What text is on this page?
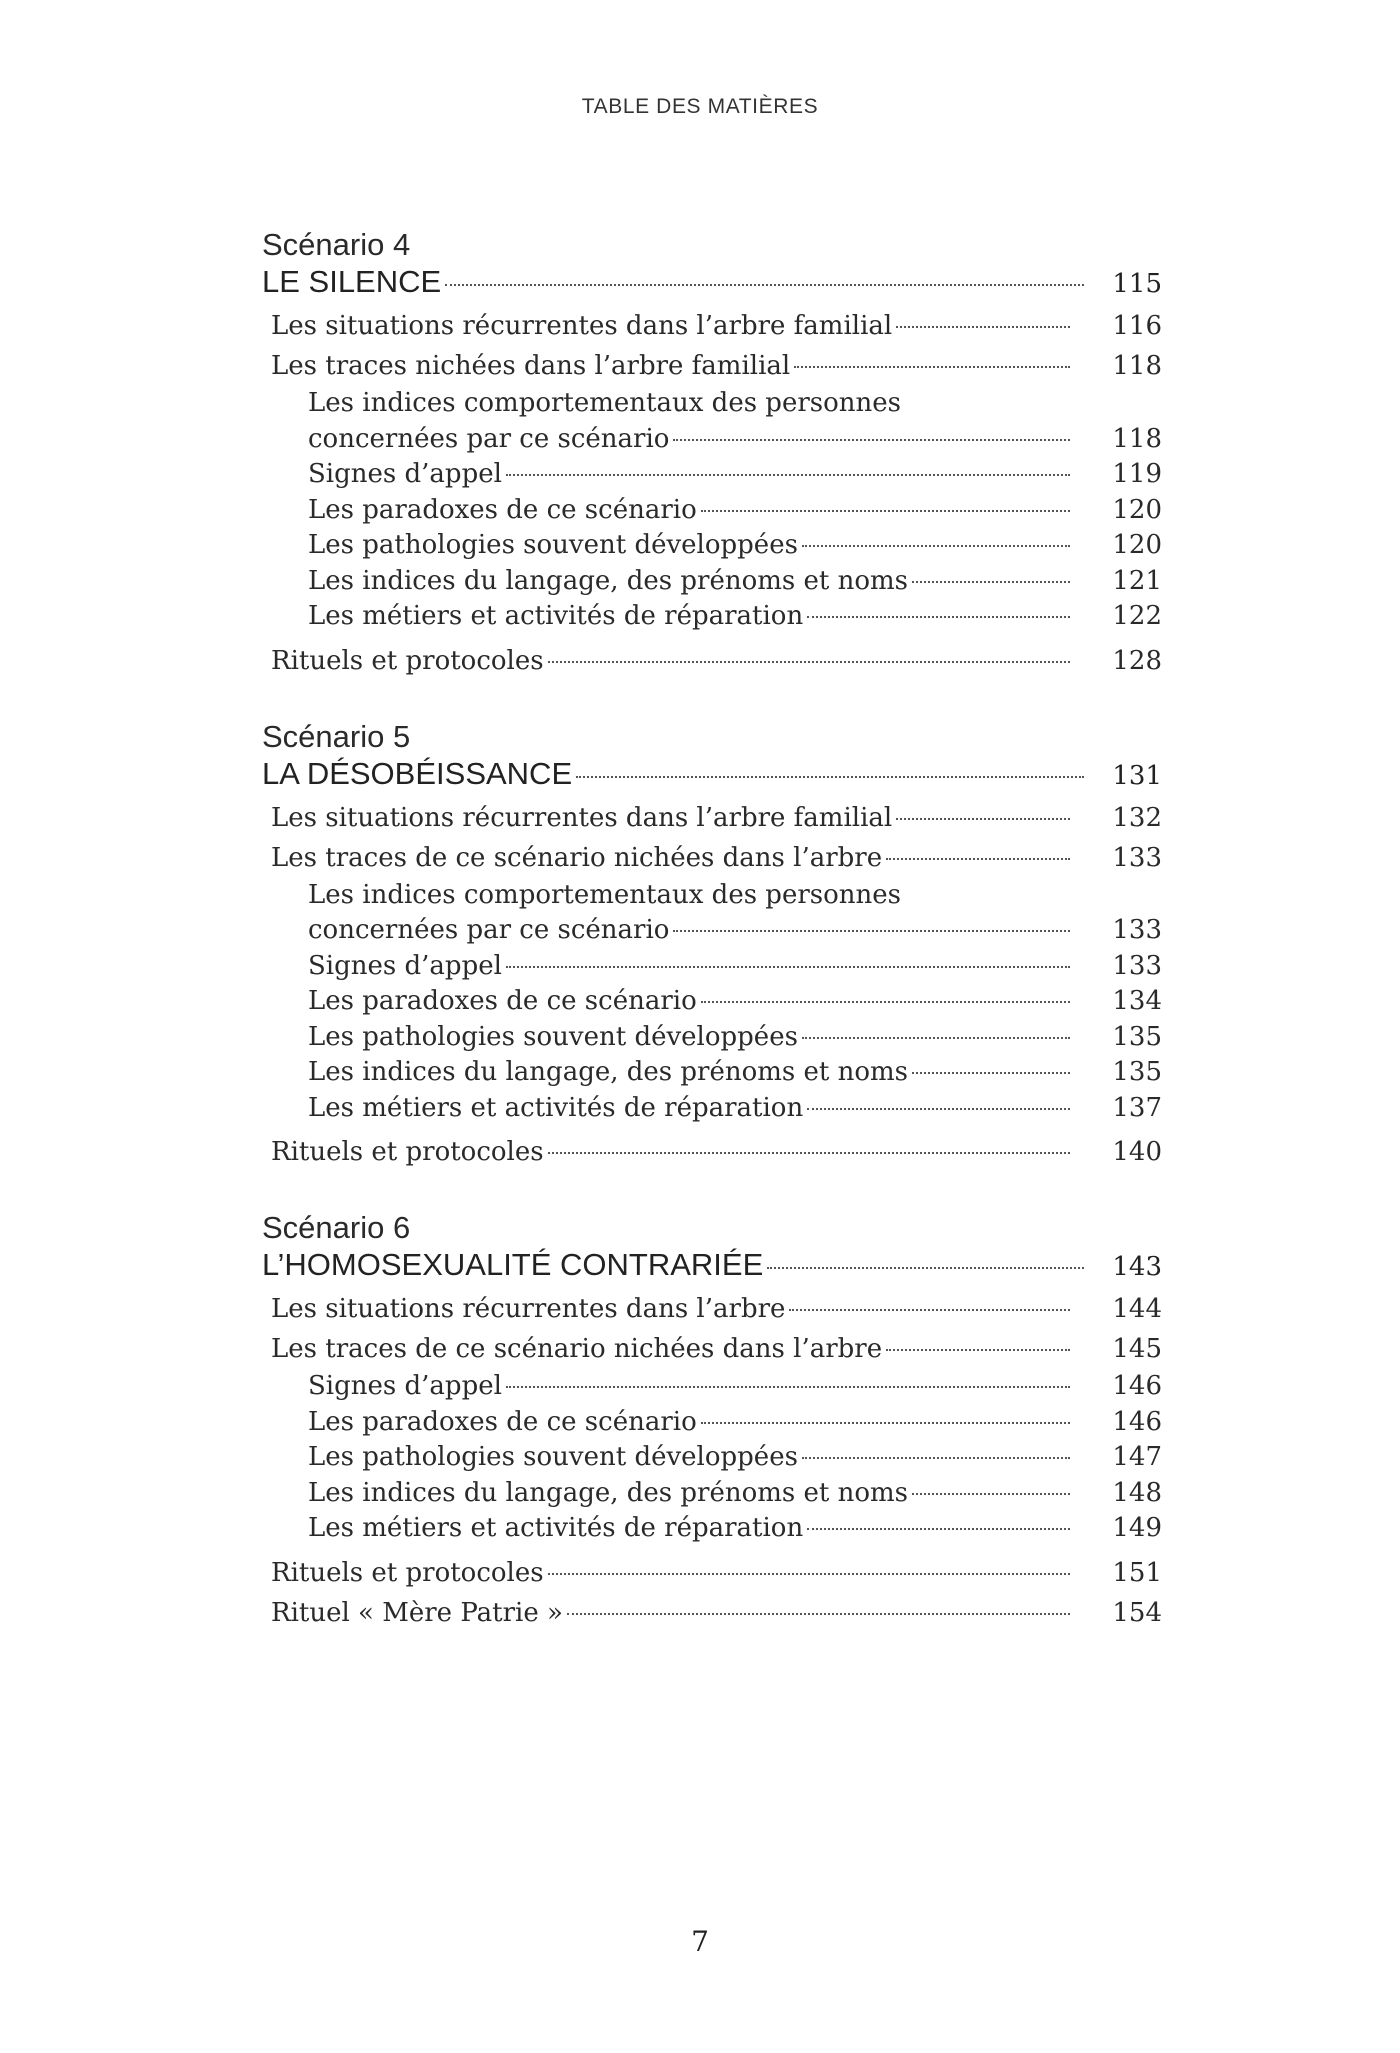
TABLE DES MATIÈRES
Scénario 4
LE SILENCE	115
Les situations récurrentes dans l’arbre familial	116
Les traces nichées dans l’arbre familial	118
Les indices comportementaux des personnes
concernées par ce scénario	118
Signes d’appel	119
Les paradoxes de ce scénario	120
Les pathologies souvent développées	120
Les indices du langage, des prénoms et noms	121
Les métiers et activités de réparation	122
Rituels et protocoles	128
Scénario 5
LA DÉSOBÉISSANCE	131
Les situations récurrentes dans l’arbre familial	132
Les traces de ce scénario nichées dans l’arbre	133
Les indices comportementaux des personnes
concernées par ce scénario	133
Signes d’appel	133
Les paradoxes de ce scénario	134
Les pathologies souvent développées	135
Les indices du langage, des prénoms et noms	135
Les métiers et activités de réparation	137
Rituels et protocoles	140
Scénario 6
L’HOMOSEXUALITÉ CONTRARIÉE	143
Les situations récurrentes dans l’arbre	144
Les traces de ce scénario nichées dans l’arbre	145
Signes d’appel	146
Les paradoxes de ce scénario	146
Les pathologies souvent développées	147
Les indices du langage, des prénoms et noms	148
Les métiers et activités de réparation	149
Rituels et protocoles	151
Rituel « Mère Patrie »	154
7
